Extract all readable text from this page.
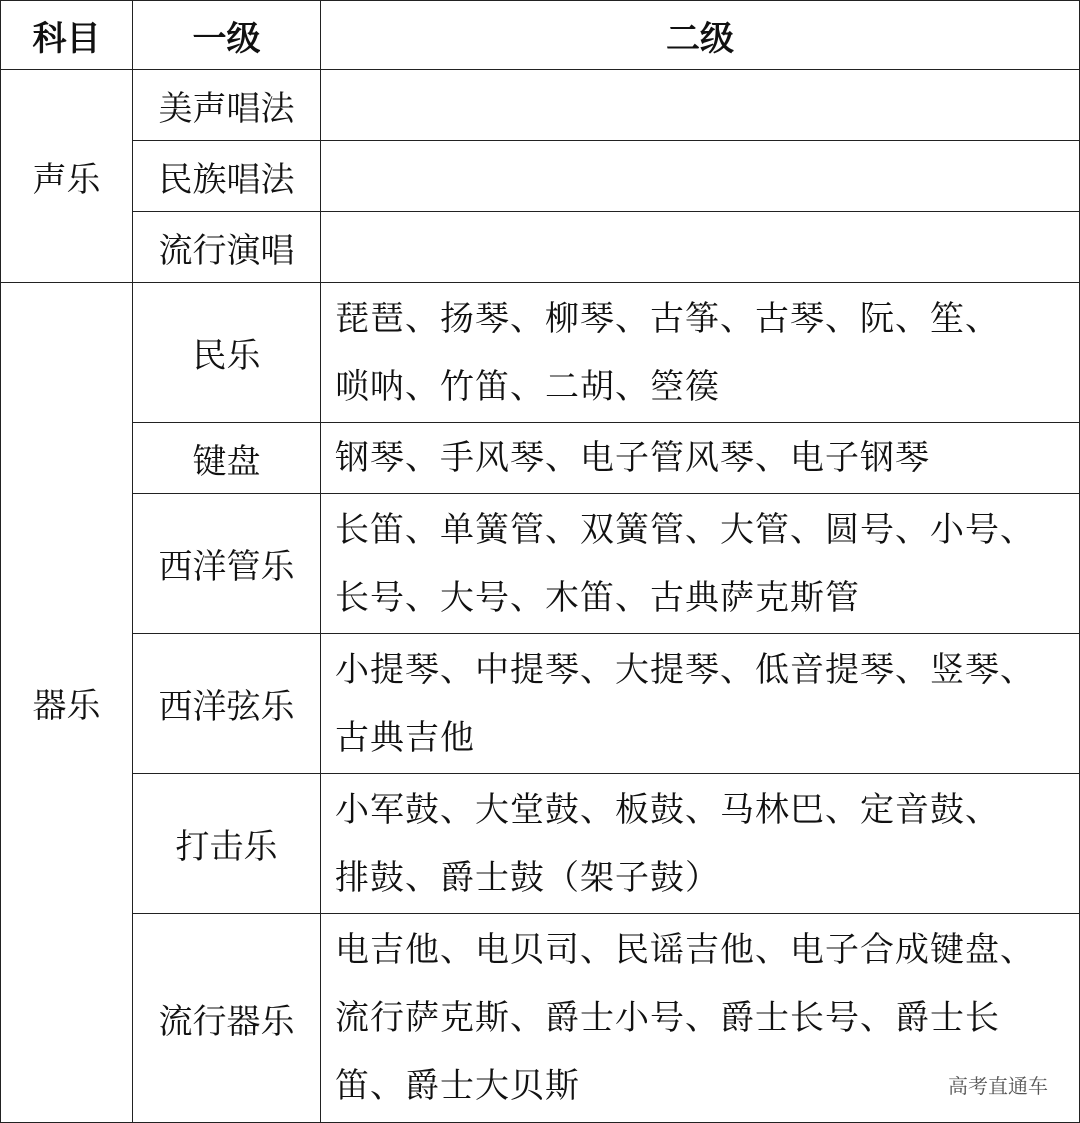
科目	一级	二级
声乐	美声唱法	
	民族唱法	
	流行演唱	
器乐	民乐	琵琶、扬琴、柳琴、古筝、古琴、阮、笙、
唢呐、竹笛、二胡、箜篌

	键盘	钢琴、手风琴、电子管风琴、电子钢琴

	西洋管乐	长笛、单簧管、双簧管、大管、圆号、小号、
长号、大号、木笛、古典萨克斯管

	西洋弦乐	小提琴、中提琴、大提琴、低音提琴、竖琴、
古典吉他

	打击乐	小军鼓、大堂鼓、板鼓、马林巴、定音鼓、
排鼓、爵士鼓（架子鼓）

	流行器乐	电吉他、电贝司、民谣吉他、电子合成键盘、
流行萨克斯、爵士小号、爵士长号、爵士长
笛、爵士大贝斯	高考直通车
